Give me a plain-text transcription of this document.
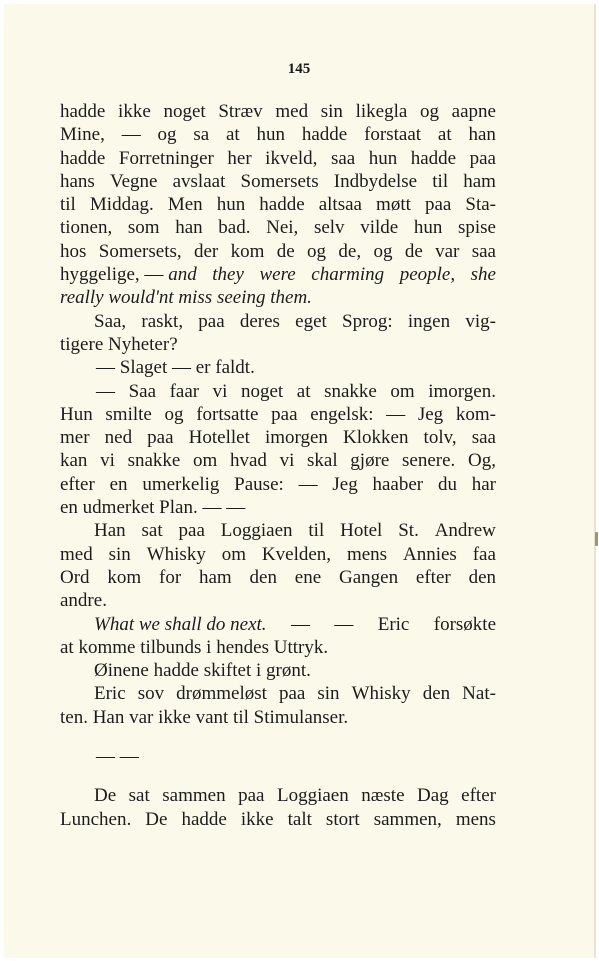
145
hadde ikke noget Stræv med sin likegla og aapne
Mine, — og sa at hun hadde forstaat at han
hadde Forretninger her ikveld, saa hun hadde paa
hans Vegne avslaat Somersets Indbydelse til ham
til Middag. Men hun hadde altsaa møtt paa Sta-
tionen, som han bad. Nei, selv vilde hun spise
hos Somersets, der kom de og de, og de var saa
hyggelige, — and they were charming people, she
really would'nt miss seeing them.
Saa, raskt, paa deres eget Sprog: ingen vig-
tigere Nyheter?
— Slaget — er faldt.
— Saa faar vi noget at snakke om imorgen.
Hun smilte og fortsatte paa engelsk: — Jeg kom-
mer ned paa Hotellet imorgen Klokken tolv, saa
kan vi snakke om hvad vi skal gjøre senere. Og,
efter en umerkelig Pause: — Jeg haaber du har
en udmerket Plan. — —
Han sat paa Loggiaen til Hotel St. Andrew
med sin Whisky om Kvelden, mens Annies faa
Ord kom for ham den ene Gangen efter den
andre.
What we shall do next. — — Eric forsøkte
at komme tilbunds i hendes Uttryk.
Øinene hadde skiftet i grønt.
Eric sov drømmeløst paa sin Whisky den Nat-
ten. Han var ikke vant til Stimulanser.
— —
De sat sammen paa Loggiaen næste Dag efter
Lunchen. De hadde ikke talt stort sammen, mens
